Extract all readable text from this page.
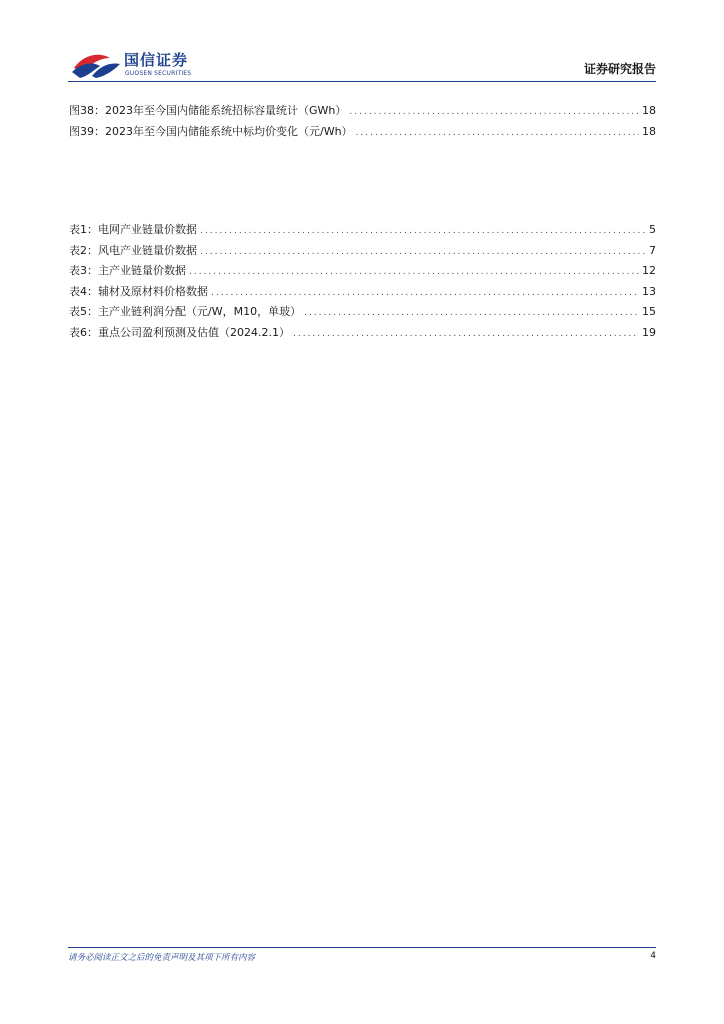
国信证券
GUOSEN SECURITIES	证券研究报告
图38： 2023年至今国内储能系统招标容量统计（GWh） .....	18
图39： 2023年至今国内储能系统中标均价变化（元/Wh） .....	18
表1： 电网产业链量价数据 .....	5
表2： 风电产业链量价数据 .....	7
表3： 主产业链量价数据 .....	12
表4： 辅材及原材料价格数据 .....	13
表5： 主产业链利润分配（元/W，M10，单玻） .....	15
表6： 重点公司盈利预测及估值（2024.2.1） .....	19
请务必阅读正文之后的免责声明及其项下所有内容	4
